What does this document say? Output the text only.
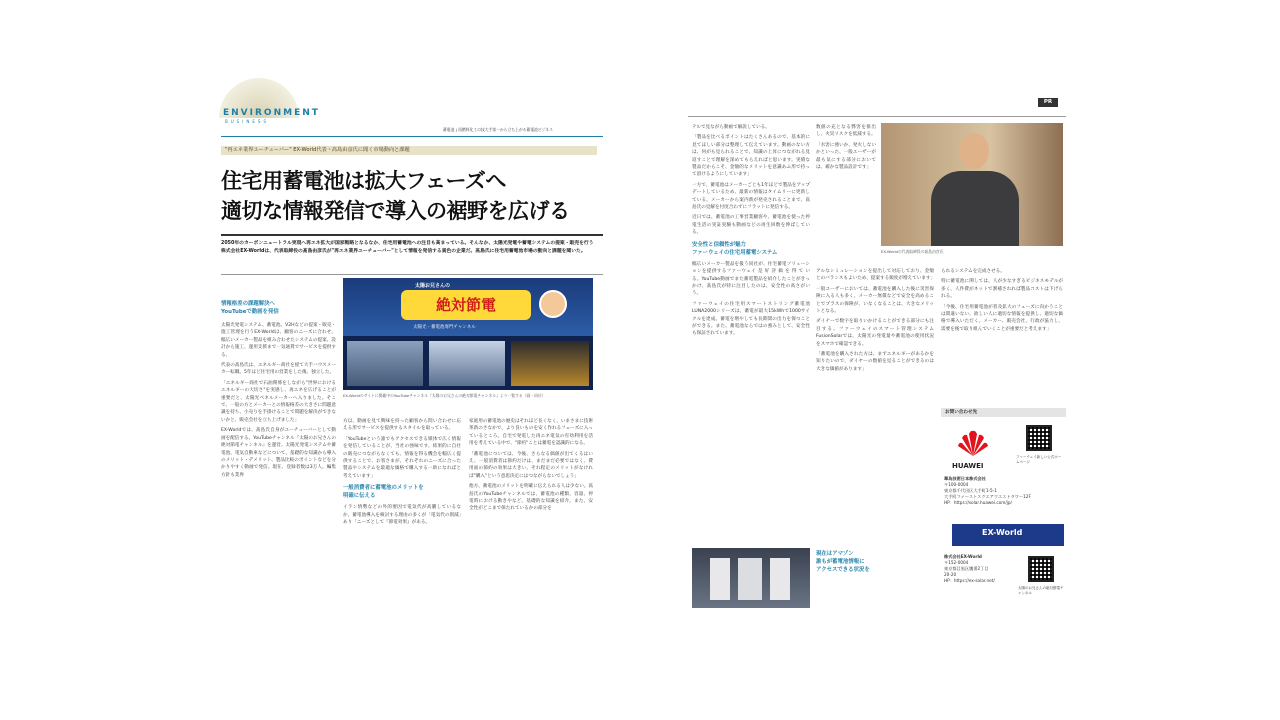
ENVIRONMENT
BUSINESS
蓄電池 | 再燃料化工の技大手第一から立ち上がる蓄電池ビジネス
"再エネ業界ユーチューバー" EX-World代表・髙島由彦氏に聞く市場動向と課題
住宅用蓄電池は拡大フェーズへ
適切な情報発信で導入の裾野を広げる
2050年のカーボンニュートラル実現へ再エネ拡大が国家戦略となるなか、住宅用蓄電池への注目も高まっている。そんなか、太陽光発電や蓄電システムの提案・販売を行う株式会社EX-Worldは、代表取締役の髙島由彦氏が"再エネ業界ユーチューバー"として情報を発信する異色の企業だ。髙島氏に住宅用蓄電池市場の動向と課題を聞いた。
情報格差の課題解決へ
YouTubeで動画を発信

太陽光発電システム、蓄電池、V2Hなどの提案・販売・施工管理を行うEX-Worldは、顧客のニーズに合わせ、幅広いメーカー製品を組み合わせたシステムの提案、設計から施工、運用支援まで一気通貫でサービスを提供する。

代表の髙島氏は、エネルギー商社を経て大手ハウスメーカー転職。5年ほど住宅用の営業をした後、独立した。

「エネルギー商社で石油関係をしながら"世界におけるエネルギーの大切さ"を実感し、再エネを広げることが重要だと、太陽光ベネルメーカーへ入りました。そこで、一般の方とメーカーとの情報格差の大きさに問題意識を持ち、小売りを手掛けることで問題を解決ができないかと、販売会社を立ち上げました」

EX-Worldでは、髙島氏自身がユーチューバーとして動画を配信する。YouTubeチャンネル『太陽のお兄さんの絶対節電チャンネル』を運営。太陽光発電システムや蓄電池、電気自動車などについて、基礎的な知識から導入のメリット・デメリット、製品比較のポイントなどを分かりやすく動画で発信。現在、登録者数は3万人。編集方針も業界

太陽お兄さんの
絶対節電
太陽光・蓄電池専門チャンネル
EX-Worldのサイトに掲載中のYouTubeチャンネル『太陽のお兄さんの絶対節電チャンネル』より一覧する（画・同社）

方以、動画を見て興味を持った顧客から問い合わせに応える形でサービスを提供するスタイルを取っている。

「YouTubeという誰でもアクセスできる媒体で広く情報を発信していることが、当社の強味です。結果的に自社の販売につながらなくても、情報を得る機会を幅広く提供することで、お客さまが、それぞれのニーズに合った製品やシステムを最適な価格で購入する一助になればと考えています」

一般消費者に蓄電池のメリットを
明確に伝える

イラン情勢などの外的要因で電気代が高騰しているなか、蓄電池導入を検討する理由の多くが「電気代の削減」あり「ニーズとして『節電効果』がある。

家庭用の蓄電池の歴史はそれほど長くなく、いまさまに技術革新のさなかで、より良いものを安く作れるフェーズに入っているところ。自宅で発電した再エネ電気の有効利用を活用を考えている中で、"節約"ことは蓄電を認識的になる。

「蓄電池については、今後、さらなる価値が出てくるはいえ、一般消費者は節約だけは、まだまだ必要ではなく、費用面の節約の効果は大きい。それ程定のメリットがなければ"購入"という意思決定にはつながらないでしょう」

他方、蓄電池のメリットを明確に伝えられる人は少ない。髙島氏のYouTubeチャンネルでは、蓄電池の種類、容量、停電時における動きやなど、基礎的な知識を紹介。また、安全性がどこまで保たれているかの部分を

PR

テルで見ながら動画で解説している。

「製品を比べるポイントはたくさんあるので、基本的に見てほしい部分は整理して伝えています。動画のない方は、何がも見られることで、知識の上昇につながれる見返すことで理解を深めてもらえればと思います。実績な製品だからこそ、金額的なメリットを意識あふ形で持って頂けるようにしています」

一方で、蓄電池はメーカーごとも1年ほどで製品をアップデートしているため、最新の情報はタイムリーに更新している。メーカーから案内新が発売されることまで、髙島氏の見解を付度合わずにフラットに発信する。

近日では、蓄電池の工事営業顧客や、蓄電池を使った停電生活の実証実験も動画などの再生回数を伸ばしている。

安全性と信頼性が魅力
ファーウェイの住宅用蓄電システム

幅広いメーカー製品を扱う同社が、住宅蓄電ソリューションを提供するファーウェイ 是 好 評 価 を 得 て い る。YouTube動画でまた蓄電製品を紹介したことがきっかけ、髙島氏が特に注目したのは、安全性の高さがいう。

ファーウェイの住宅用スマートストリング蓄電池LUNA2000シリーズは、蓄電が最大15kWhで1000サイクルを達成。蓄電を増やしても長期間の出力を保つことができる。また、蓄電池ならではの強みとして、安全性も保証されています。

数値の充となる弊害を排出し、火災リスクを低減する。

「水害に強いか、発火しないかといった、一般ユーザーが最も気にする部分においては、確かな製品設計です」

EX-Worldの代表取締役の髙島由彦氏

アルなシミュレーションを提出して対応しており、金額とのバランスもよいため、提案する頻度が増えています」

一般ユーザーにおいては、蓄電池を購入した後に災害保険に入る人も多く、メーカー無償などで安全を高めることでプラスの保険が、いなくなることは、大きなメリットとなる。

ダイナーで数字を取りいかけることができる部分にも注目する。ファーウェイのスマート管理システムFusionSolarでは、太陽光の発電量や蓄電池の使用状況をスマホで確認できる。

「蓄電池を購入された方は、まずエネルギーがあるかを知りたいので、ダイヤーの数値を見ることができるのは大きな価値があります」

現在はアマゾン
誰もが蓄電池情報に
アクセスできる状況を

られるシステムを完成させる。

特に蓄電池に関しては、人が少なすぎるビジネスモデルが多く、人件費がネットで割補されれば製品コストは下げられる。

「今後、住宅用蓄電池が普及拡大のフェーズに向かうことは間違いない。欲しい人に適切な情報を提供し、適切な価格で導入いただく。メーカー、販売会社、行政が協力し、需要を後で取り組んでいくことが重要だと考えます」

お問い合わせ先
HUAWEI
ファーウェイ新しい公式ホームページ
華為技術日本株式会社
〒100-0004
東京都千代田区大手町1-5-1
大手町ファーストスクエアウエストタワー12F
HP：https://solar.huawei.com/jp/
EX-World
株式会社EX-World
〒152-0004
東京都目黒区鷹番2丁目
20-20
HP：https://ex-solar.net/
太陽のお兄さんの絶対節電チャンネル
